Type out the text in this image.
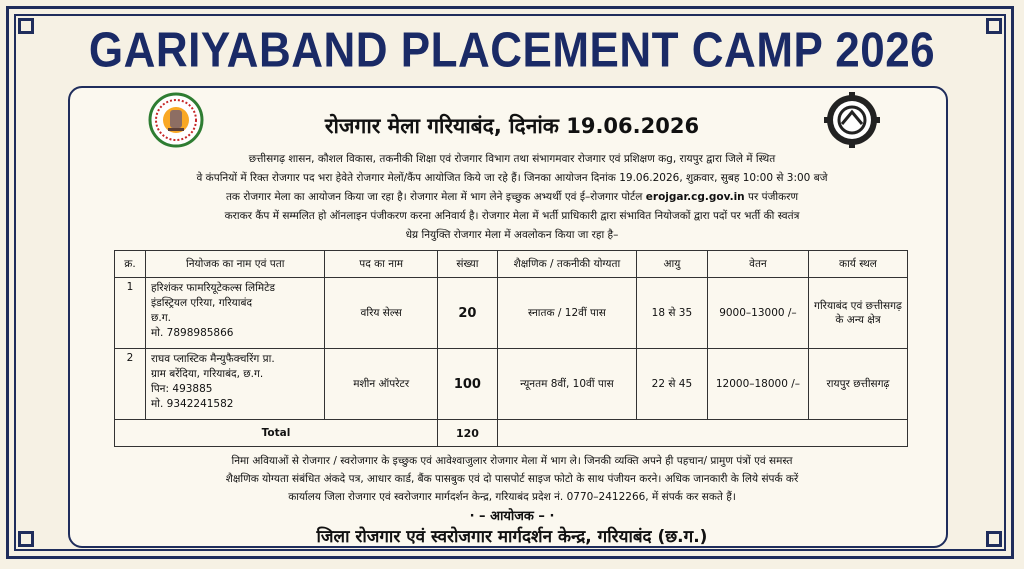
GARIYABAND PLACEMENT CAMP 2026
रोजगार मेला गरियाबंद, दिनांक 19.06.2026
छत्तीसगढ़ शासन, कौशल विकास, तकनीकी शिक्षा एवं रोजगार विभाग तथा संभागमवार रोजगार एवं प्रशिक्षण कg, रायपुर द्वारा जिले में स्थित
वे कंपनियों में रिक्त रोजगार पद भरा हेवेते रोजगार मेलों/कैंप आयोजित किये जा रहे हैं। जिनका आयोजन दिनांक 19.06.2026, शुक्रवार, सुबह 10:00 से 3:00 बजे
तक रोजगार मेला का आयोजन किया जा रहा है। रोजगार मेला में भाग लेने इच्छुक अभ्यर्थी एवं ई–रोजगार पोर्टल erojgar.cg.gov.in पर पंजीकरण
कराकर कैंप में सम्मलित हो ऑनलाइन पंजीकरण करना अनिवार्य है। रोजगार मेला में भर्ती प्राधिकारी द्वारा संभावित नियोजकों द्वारा पदों पर भर्ती की स्वतंत्र
धेय्र नियुक्ति रोजगार मेला में अवलोकन किया जा रहा है–
क्र.	नियोजक का नाम एवं पता	पद का नाम	संख्या	शैक्षणिक / तकनीकी योग्यता	आयु	वेतन	कार्य स्थल
1	हरिशंकर फामरियूटेकल्स लिमिटेड
इंडस्ट्रियल एरिया, गरियाबंद
छ.ग.
मो. 7898985866	वरिय सेल्स	20	स्नातक / 12वीं पास	18 से 35	9000–13000 /–	गरियाबंद एवं छत्तीसगढ़ के अन्य क्षेत्र
2	राघव प्लास्टिक मैन्युफैक्चरिंग प्रा.
ग्राम बरेंदिया, गरियाबंद, छ.ग.
पिन: 493885
मो. 9342241582	मशीन ऑपरेटर	100	न्यूनतम 8वीं, 10वीं पास	22 से 45	12000–18000 /–	रायपुर छत्तीसगढ़
Total			120				
निमा अवियाओं से रोजगार / स्वरोजगार के इच्छुक एवं आवेश्वाजुलार रोजगार मेला में भाग ले। जिनकी व्यक्ति अपने ही पहचान/ प्रामुण पंत्रों एवं समस्त
शैक्षणिक योग्यता संबंधित अंकदे पत्र, आधार कार्ड, बैंक पासबुक एवं दो पासपोर्ट साइज फोटो के साथ पंजीयन करने। अधिक जानकारी के लिये संपर्क करें
कार्यालय जिला रोजगार एवं स्वरोजगार मार्गदर्शन केन्द्र, गरियाबंद प्रदेश नं. 0770–2412266, में संपर्क कर सकते हैं।
· – आयोजक – ·
जिला रोजगार एवं स्वरोजगार मार्गदर्शन केन्द्र, गरियाबंद (छ.ग.)
